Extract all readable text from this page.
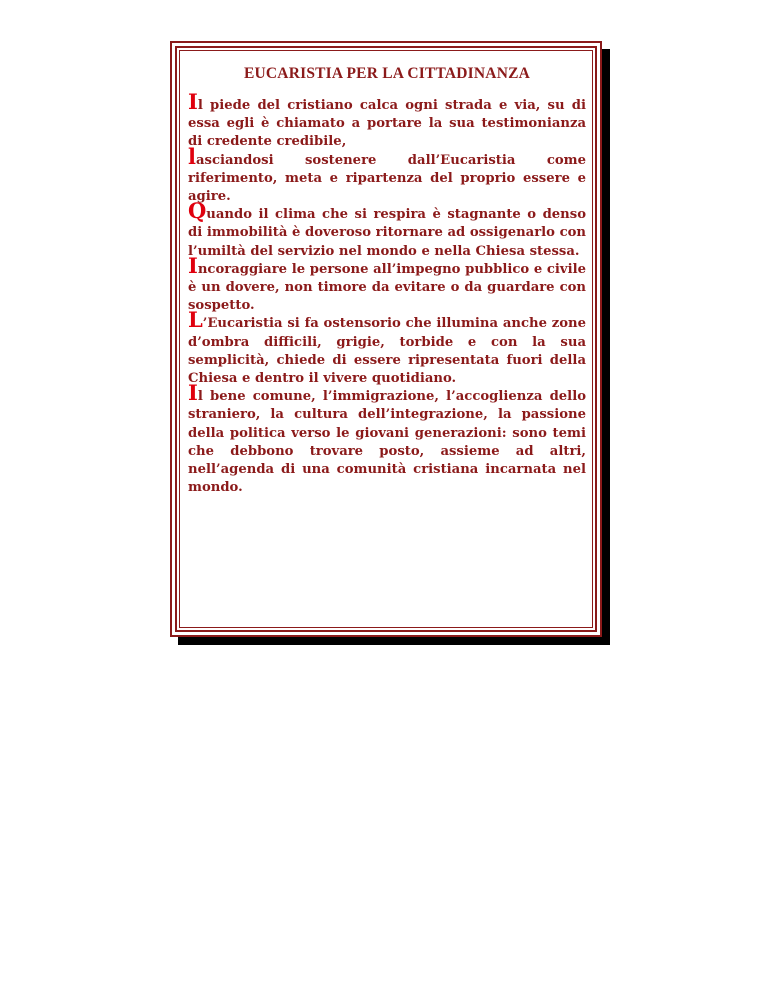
EUCARISTIA PER LA CITTADINANZA

Il piede del cristiano calca ogni strada e via, su di essa egli è chiamato a portare la sua testimonianza di credente credibile,

lasciandosi sostenere dall’Eucaristia come riferimento, meta e ripartenza del proprio essere e agire.

Quando il clima che si respira è stagnante o denso di immobilità è doveroso ritornare ad ossigenarlo con l’umiltà del servizio nel mondo e nella Chiesa stessa.

Incoraggiare le persone all’impegno pubblico e civile è un dovere, non timore da evitare o da guardare con sospetto.

L’Eucaristia si fa ostensorio che illumina anche zone d’ombra difficili, grigie, torbide e con la sua semplicità, chiede di essere ripresentata fuori della Chiesa e dentro il vivere quotidiano.

Il bene comune, l’immigrazione, l’accoglienza dello straniero, la cultura dell’integrazione, la passione della politica verso le giovani generazioni: sono temi che debbono trovare posto, assieme ad altri, nell’agenda di una comunità cristiana incarnata nel mondo.
